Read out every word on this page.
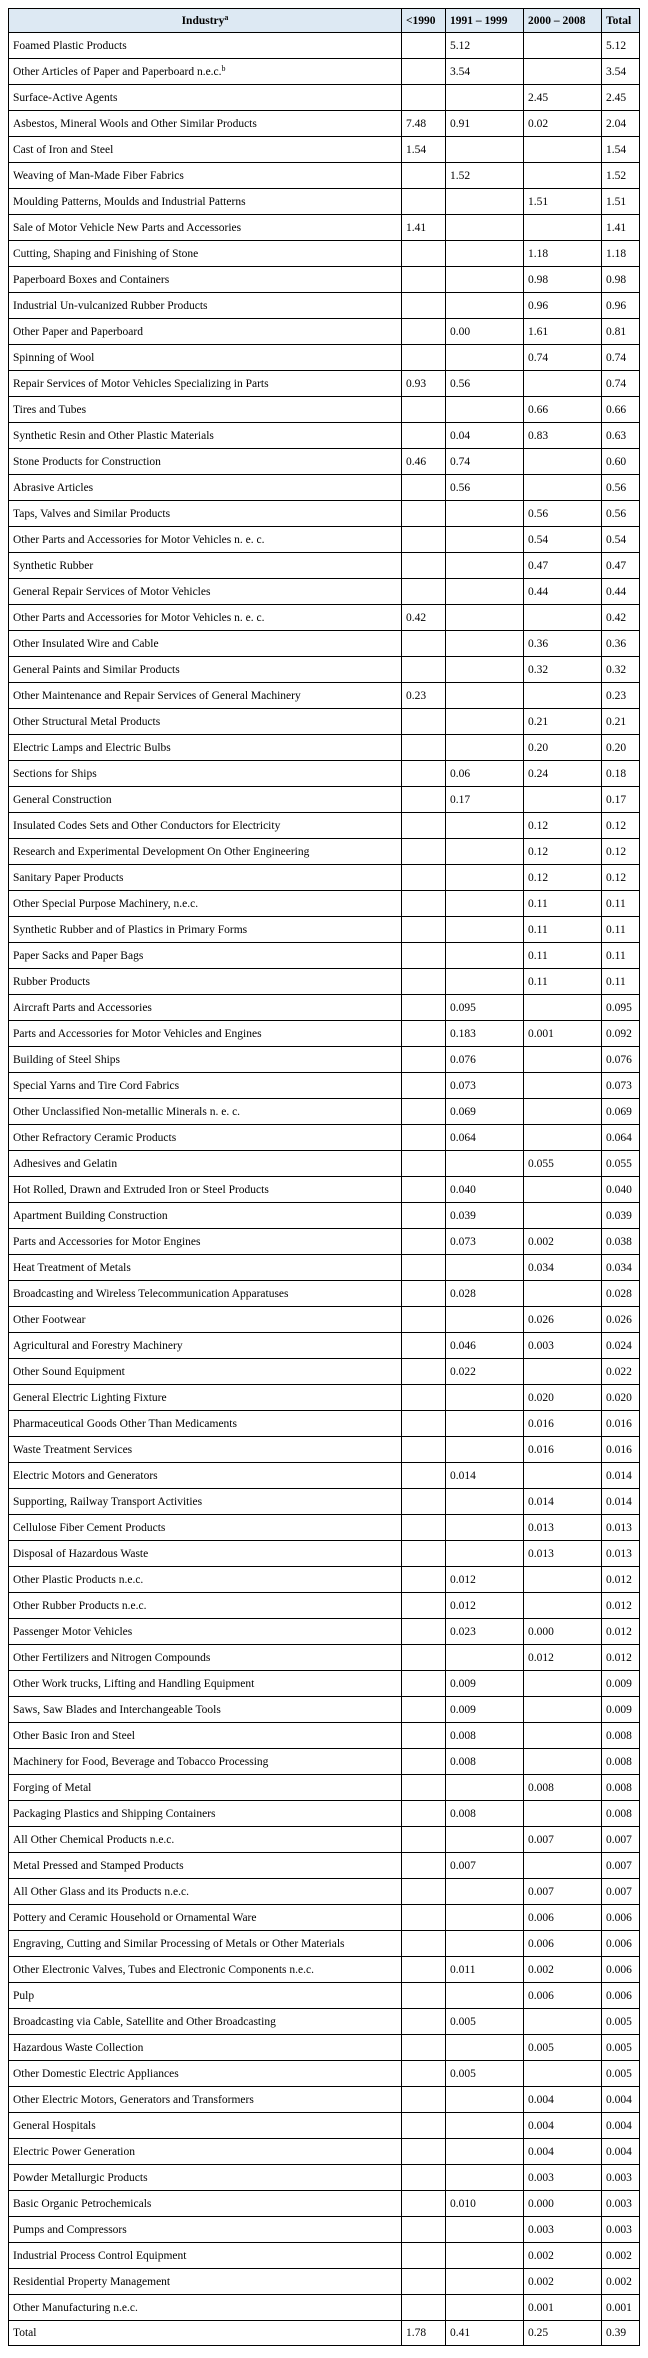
Industry$^a$	<1990	1991 – 1999	2000 – 2008	Total
Foamed Plastic Products		5.12		5.12
Other Articles of Paper and Paperboard n.e.c.$^b$		3.54		3.54
Surface-Active Agents			2.45	2.45
Asbestos, Mineral Wools and Other Similar Products	7.48	0.91	0.02	2.04
Cast of Iron and Steel	1.54			1.54
Weaving of Man-Made Fiber Fabrics		1.52		1.52
Moulding Patterns, Moulds and Industrial Patterns			1.51	1.51
Sale of Motor Vehicle New Parts and Accessories	1.41			1.41
Cutting, Shaping and Finishing of Stone			1.18	1.18
Paperboard Boxes and Containers			0.98	0.98
Industrial Un-vulcanized Rubber Products			0.96	0.96
Other Paper and Paperboard		0.00	1.61	0.81
Spinning of Wool			0.74	0.74
Repair Services of Motor Vehicles Specializing in Parts	0.93	0.56		0.74
Tires and Tubes			0.66	0.66
Synthetic Resin and Other Plastic Materials		0.04	0.83	0.63
Stone Products for Construction	0.46	0.74		0.60
Abrasive Articles		0.56		0.56
Taps, Valves and Similar Products			0.56	0.56
Other Parts and Accessories for Motor Vehicles n. e. c.			0.54	0.54
Synthetic Rubber			0.47	0.47
General Repair Services of Motor Vehicles			0.44	0.44
Other Parts and Accessories for Motor Vehicles n. e. c.	0.42			0.42
Other Insulated Wire and Cable			0.36	0.36
General Paints and Similar Products			0.32	0.32
Other Maintenance and Repair Services of General Machinery	0.23			0.23
Other Structural Metal Products			0.21	0.21
Electric Lamps and Electric Bulbs			0.20	0.20
Sections for Ships		0.06	0.24	0.18
General Construction		0.17		0.17
Insulated Codes Sets and Other Conductors for Electricity			0.12	0.12
Research and Experimental Development On Other Engineering			0.12	0.12
Sanitary Paper Products			0.12	0.12
Other Special Purpose Machinery, n.e.c.			0.11	0.11
Synthetic Rubber and of Plastics in Primary Forms			0.11	0.11
Paper Sacks and Paper Bags			0.11	0.11
Rubber Products			0.11	0.11
Aircraft Parts and Accessories		0.095		0.095
Parts and Accessories for Motor Vehicles and Engines		0.183	0.001	0.092
Building of Steel Ships		0.076		0.076
Special Yarns and Tire Cord Fabrics		0.073		0.073
Other Unclassified Non-metallic Minerals n. e. c.		0.069		0.069
Other Refractory Ceramic Products		0.064		0.064
Adhesives and Gelatin			0.055	0.055
Hot Rolled, Drawn and Extruded Iron or Steel Products		0.040		0.040
Apartment Building Construction		0.039		0.039
Parts and Accessories for Motor Engines		0.073	0.002	0.038
Heat Treatment of Metals			0.034	0.034
Broadcasting and Wireless Telecommunication Apparatuses		0.028		0.028
Other Footwear			0.026	0.026
Agricultural and Forestry Machinery		0.046	0.003	0.024
Other Sound Equipment		0.022		0.022
General Electric Lighting Fixture			0.020	0.020
Pharmaceutical Goods Other Than Medicaments			0.016	0.016
Waste Treatment Services			0.016	0.016
Electric Motors and Generators		0.014		0.014
Supporting, Railway Transport Activities			0.014	0.014
Cellulose Fiber Cement Products			0.013	0.013
Disposal of Hazardous Waste			0.013	0.013
Other Plastic Products n.e.c.		0.012		0.012
Other Rubber Products n.e.c.		0.012		0.012
Passenger Motor Vehicles		0.023	0.000	0.012
Other Fertilizers and Nitrogen Compounds			0.012	0.012
Other Work trucks, Lifting and Handling Equipment		0.009		0.009
Saws, Saw Blades and Interchangeable Tools		0.009		0.009
Other Basic Iron and Steel		0.008		0.008
Machinery for Food, Beverage and Tobacco Processing		0.008		0.008
Forging of Metal			0.008	0.008
Packaging Plastics and Shipping Containers		0.008		0.008
All Other Chemical Products n.e.c.			0.007	0.007
Metal Pressed and Stamped Products		0.007		0.007
All Other Glass and its Products n.e.c.			0.007	0.007
Pottery and Ceramic Household or Ornamental Ware			0.006	0.006
Engraving, Cutting and Similar Processing of Metals or Other Materials			0.006	0.006
Other Electronic Valves, Tubes and Electronic Components n.e.c.		0.011	0.002	0.006
Pulp			0.006	0.006
Broadcasting via Cable, Satellite and Other Broadcasting		0.005		0.005
Hazardous Waste Collection			0.005	0.005
Other Domestic Electric Appliances		0.005		0.005
Other Electric Motors, Generators and Transformers			0.004	0.004
General Hospitals			0.004	0.004
Electric Power Generation			0.004	0.004
Powder Metallurgic Products			0.003	0.003
Basic Organic Petrochemicals		0.010	0.000	0.003
Pumps and Compressors			0.003	0.003
Industrial Process Control Equipment			0.002	0.002
Residential Property Management			0.002	0.002
Other Manufacturing n.e.c.			0.001	0.001
Total	1.78	0.41	0.25	0.39
